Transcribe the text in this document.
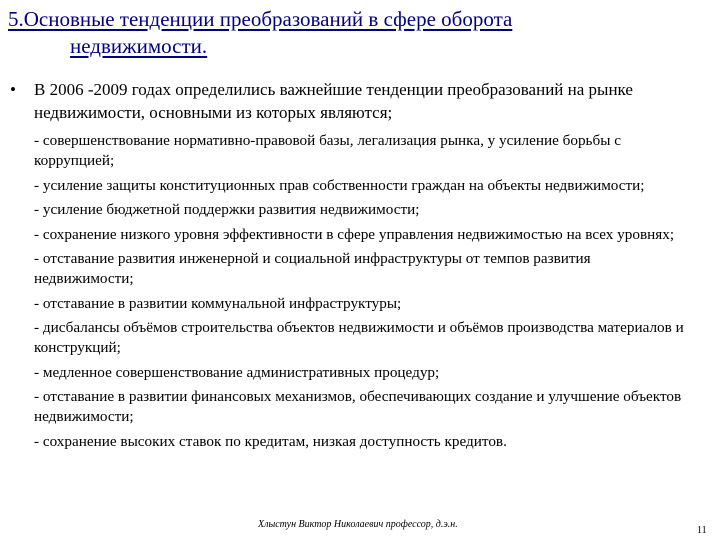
5.Основные тенденции преобразований в сфере оборота
недвижимости.
•	В 2006 -2009 годах определились важнейшие тенденции преобразований на рынке недвижимости, основными из которых являются;
- совершенствование нормативно-правовой базы, легализация рынка, у усиление борьбы с коррупцией;
- усиление защиты конституционных прав собственности граждан на объекты недвижимости;
- усиление бюджетной поддержки развития недвижимости;
- сохранение низкого уровня эффективности в сфере управления недвижимостью на всех уровнях;
- отставание развития инженерной и социальной инфраструктуры от темпов развития недвижимости;
- отставание в развитии коммунальной инфраструктуры;
- дисбалансы объёмов строительства объектов недвижимости и объёмов производства материалов и конструкций;
- медленное совершенствование административных процедур;
- отставание в развитии финансовых механизмов, обеспечивающих создание и улучшение объектов недвижимости;
- сохранение высоких ставок по кредитам, низкая доступность кредитов.
Хлыстун Виктор Николаевич профессор, д.э.н.
11
